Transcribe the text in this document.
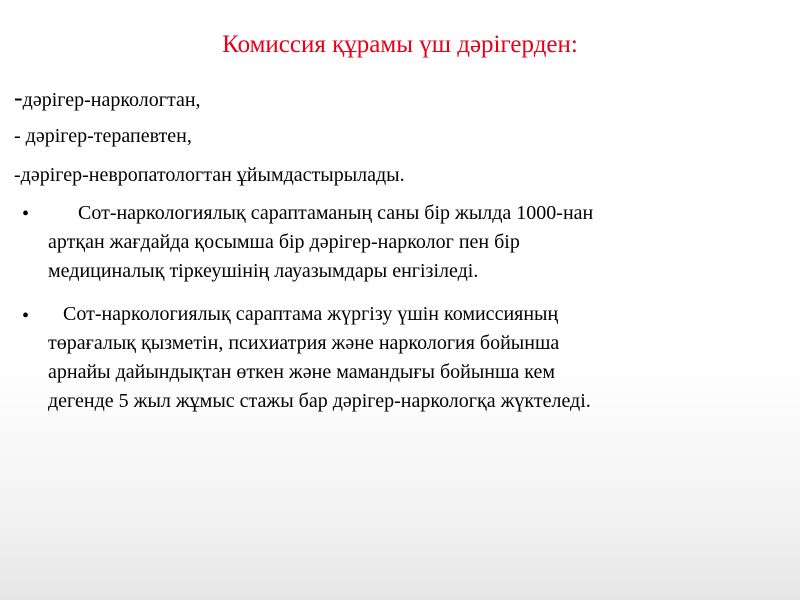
Комиссия құрамы үш дәрігерден:
-дәрігер-наркологтан,
- дәрігер-терапевтен,
-дәрігер-невропатологтан ұйымдастырылады.
• Сот-наркологиялық сараптаманың саны бір жылда 1000-нан
артқан жағдайда қосымша бір дәрігер-нарколог пен бір
медициналық тіркеушінің лауазымдары енгізіледі.
• Сот-наркологиялық сараптама жүргізу үшін комиссияның
төрағалық қызметін, психиатрия және наркология бойынша
арнайы дайындықтан өткен және мамандығы бойынша кем
дегенде 5 жыл жұмыс стажы бар дәрігер-наркологқа жүктеледі.
